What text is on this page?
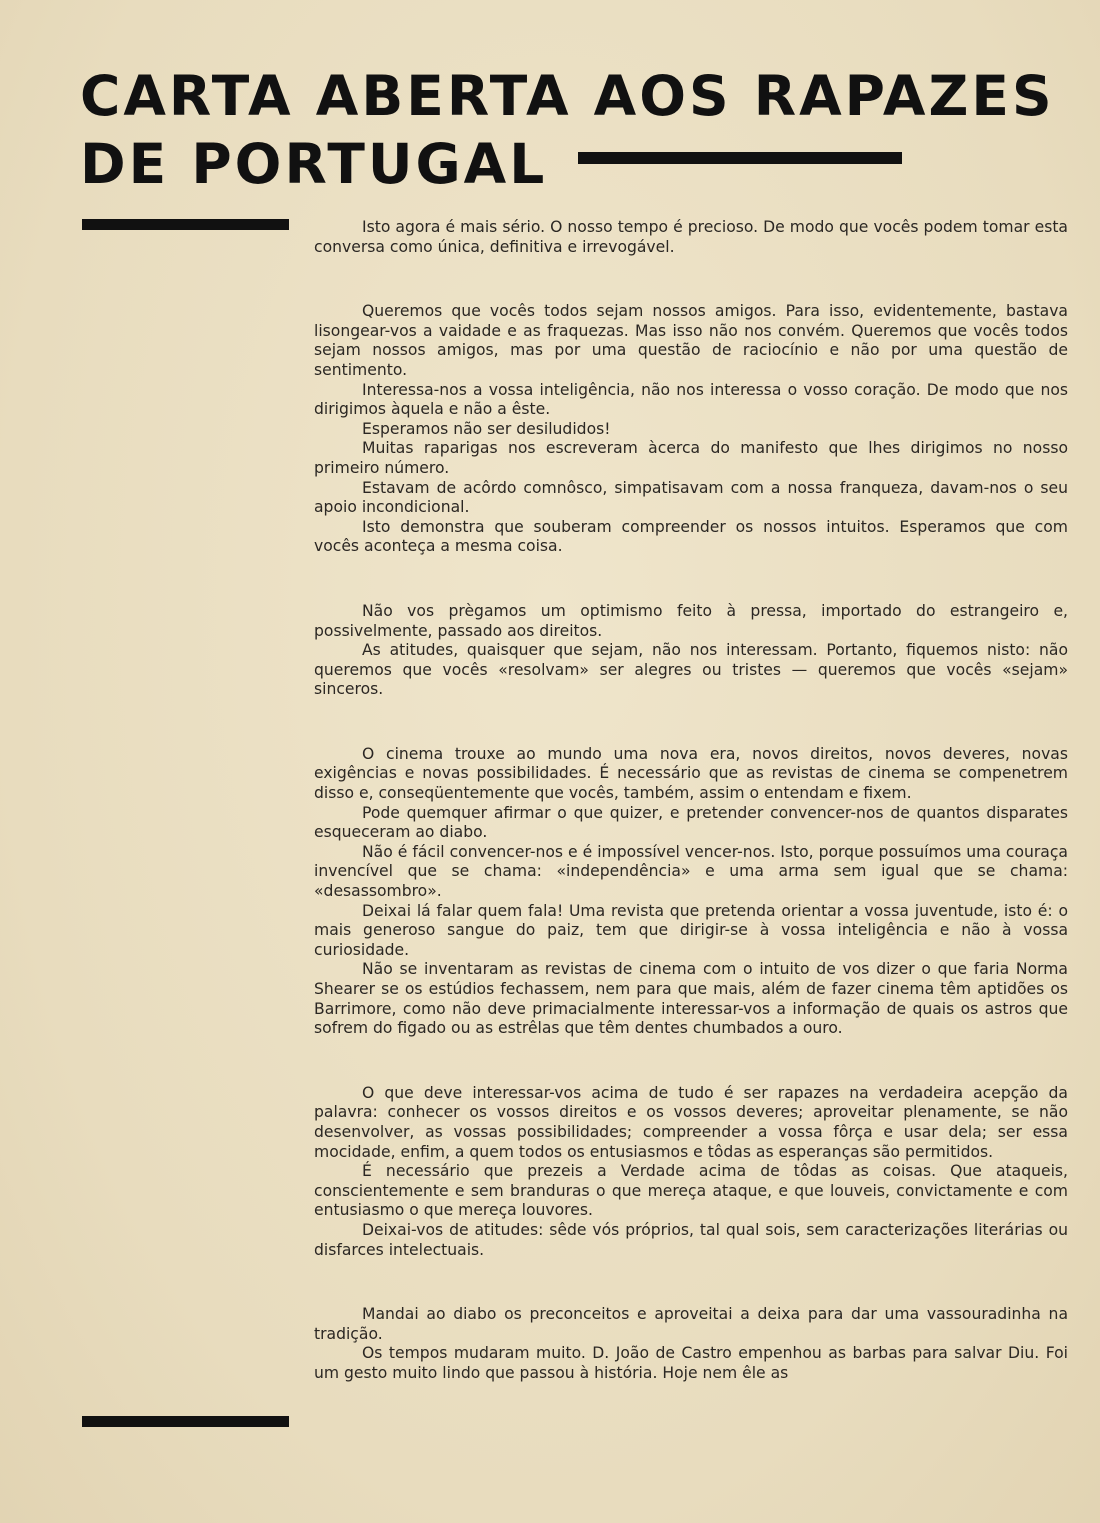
CARTA ABERTA AOS RAPAZES
DE PORTUGAL

Isto agora é mais sério. O nosso tempo é precioso. De modo que vocês podem tomar esta conversa como única, definitiva e irrevogável.

Queremos que vocês todos sejam nossos amigos. Para isso, evidentemente, bastava lisongear-vos a vaidade e as fraquezas. Mas isso não nos convém. Queremos que vocês todos sejam nossos amigos, mas por uma questão de raciocínio e não por uma questão de sentimento.

Interessa-nos a vossa inteligência, não nos interessa o vosso coração. De modo que nos dirigimos àquela e não a êste.

Esperamos não ser desiludidos!

Muitas raparigas nos escreveram àcerca do manifesto que lhes dirigimos no nosso primeiro número.

Estavam de acôrdo comnôsco, simpatisavam com a nossa franqueza, davam-nos o seu apoio incondicional.

Isto demonstra que souberam compreender os nossos intuitos. Esperamos que com vocês aconteça a mesma coisa.

Não vos prègamos um optimismo feito à pressa, importado do estrangeiro e, possivelmente, passado aos direitos.

As atitudes, quaisquer que sejam, não nos interessam. Portanto, fiquemos nisto: não queremos que vocês «resolvam» ser alegres ou tristes — queremos que vocês «sejam» sinceros.

O cinema trouxe ao mundo uma nova era, novos direitos, novos deveres, novas exigências e novas possibilidades. É necessário que as revistas de cinema se compenetrem disso e, conseqüentemente que vocês, também, assim o entendam e fixem.

Pode quemquer afirmar o que quizer, e pretender convencer-nos de quantos disparates esqueceram ao diabo.

Não é fácil convencer-nos e é impossível vencer-nos. Isto, porque possuímos uma couraça invencível que se chama: «independência» e uma arma sem igual que se chama: «desassombro».

Deixai lá falar quem fala! Uma revista que pretenda orientar a vossa juventude, isto é: o mais generoso sangue do paiz, tem que dirigir-se à vossa inteligência e não à vossa curiosidade.

Não se inventaram as revistas de cinema com o intuito de vos dizer o que faria Norma Shearer se os estúdios fechassem, nem para que mais, além de fazer cinema têm aptidões os Barrimore, como não deve primacialmente interessar-vos a informação de quais os astros que sofrem do figado ou as estrêlas que têm dentes chumbados a ouro.

O que deve interessar-vos acima de tudo é ser rapazes na verdadeira acepção da palavra: conhecer os vossos direitos e os vossos deveres; aproveitar plenamente, se não desenvolver, as vossas possibilidades; compreender a vossa fôrça e usar dela; ser essa mocidade, enfim, a quem todos os entusiasmos e tôdas as esperanças são permitidos.

É necessário que prezeis a Verdade acima de tôdas as coisas. Que ataqueis, conscientemente e sem branduras o que mereça ataque, e que louveis, convictamente e com entusiasmo o que mereça louvores.

Deixai-vos de atitudes: sêde vós próprios, tal qual sois, sem caracterizações literárias ou disfarces intelectuais.

Mandai ao diabo os preconceitos e aproveitai a deixa para dar uma vassouradinha na tradição.

Os tempos mudaram muito. D. João de Castro empenhou as barbas para salvar Diu. Foi um gesto muito lindo que passou à história. Hoje nem êle as
